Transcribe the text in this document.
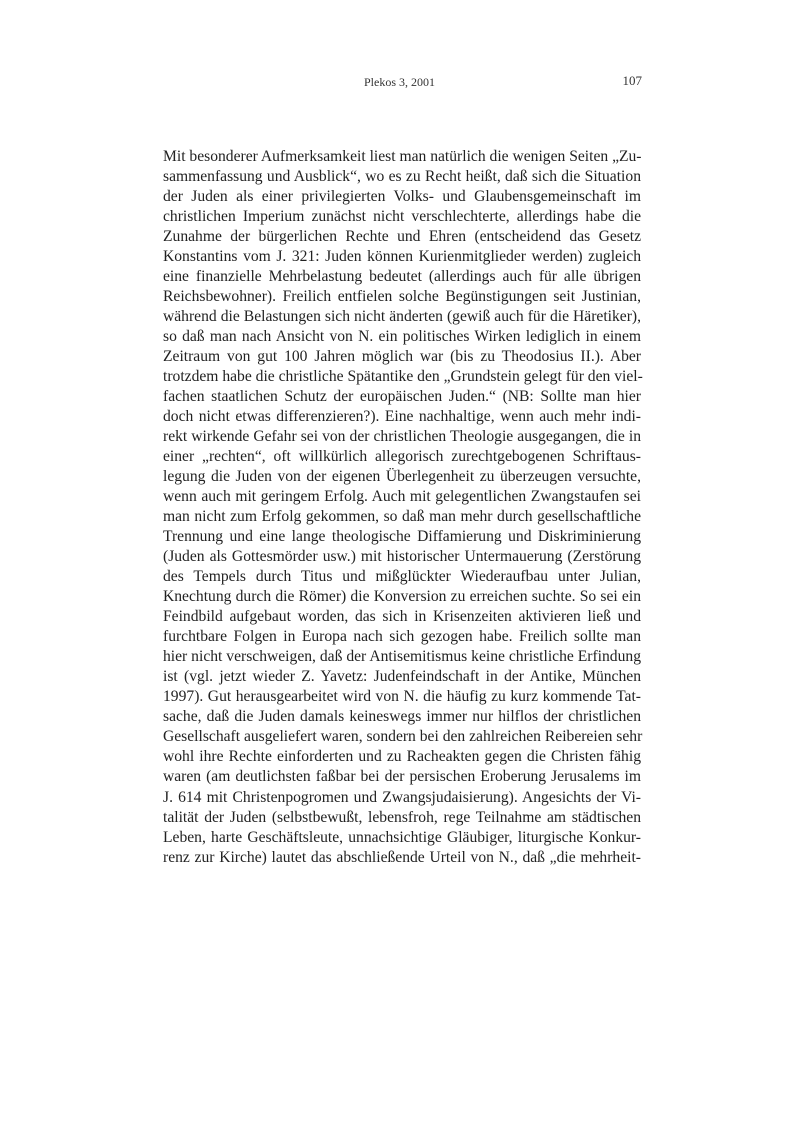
Plekos 3, 2001	107
Mit besonderer Aufmerksamkeit liest man natürlich die wenigen Seiten „Zu-
sammenfassung und Ausblick“, wo es zu Recht heißt, daß sich die Situation
der Juden als einer privilegierten Volks- und Glaubensgemeinschaft im
christlichen Imperium zunächst nicht verschlechterte, allerdings habe die
Zunahme der bürgerlichen Rechte und Ehren (entscheidend das Gesetz
Konstantins vom J. 321: Juden können Kurienmitglieder werden) zugleich
eine finanzielle Mehrbelastung bedeutet (allerdings auch für alle übrigen
Reichsbewohner). Freilich entfielen solche Begünstigungen seit Justinian,
während die Belastungen sich nicht änderten (gewiß auch für die Häretiker),
so daß man nach Ansicht von N. ein politisches Wirken lediglich in einem
Zeitraum von gut 100 Jahren möglich war (bis zu Theodosius II.). Aber
trotzdem habe die christliche Spätantike den „Grundstein gelegt für den viel-
fachen staatlichen Schutz der europäischen Juden.“ (NB: Sollte man hier
doch nicht etwas differenzieren?). Eine nachhaltige, wenn auch mehr indi-
rekt wirkende Gefahr sei von der christlichen Theologie ausgegangen, die in
einer „rechten“, oft willkürlich allegorisch zurechtgebogenen Schriftaus-
legung die Juden von der eigenen Überlegenheit zu überzeugen versuchte,
wenn auch mit geringem Erfolg. Auch mit gelegentlichen Zwangstaufen sei
man nicht zum Erfolg gekommen, so daß man mehr durch gesellschaftliche
Trennung und eine lange theologische Diffamierung und Diskriminierung
(Juden als Gottesmörder usw.) mit historischer Untermauerung (Zerstörung
des Tempels durch Titus und mißglückter Wiederaufbau unter Julian,
Knechtung durch die Römer) die Konversion zu erreichen suchte. So sei ein
Feindbild aufgebaut worden, das sich in Krisenzeiten aktivieren ließ und
furchtbare Folgen in Europa nach sich gezogen habe. Freilich sollte man
hier nicht verschweigen, daß der Antisemitismus keine christliche Erfindung
ist (vgl. jetzt wieder Z. Yavetz: Judenfeindschaft in der Antike, München
1997). Gut herausgearbeitet wird von N. die häufig zu kurz kommende Tat-
sache, daß die Juden damals keineswegs immer nur hilflos der christlichen
Gesellschaft ausgeliefert waren, sondern bei den zahlreichen Reibereien sehr
wohl ihre Rechte einforderten und zu Racheakten gegen die Christen fähig
waren (am deutlichsten faßbar bei der persischen Eroberung Jerusalems im
J. 614 mit Christenpogromen und Zwangsjudaisierung). Angesichts der Vi-
talität der Juden (selbstbewußt, lebensfroh, rege Teilnahme am städtischen
Leben, harte Geschäftsleute, unnachsichtige Gläubiger, liturgische Konkur-
renz zur Kirche) lautet das abschließende Urteil von N., daß „die mehrheit-
